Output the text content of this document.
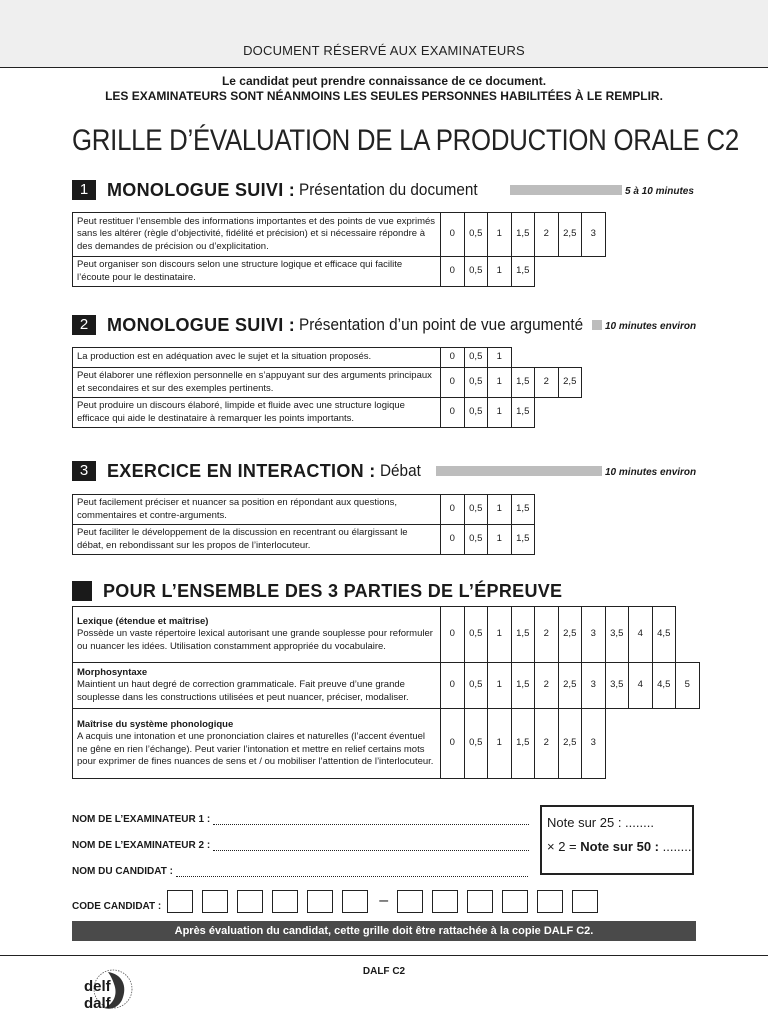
DOCUMENT RÉSERVÉ AUX EXAMINATEURS
Le candidat peut prendre connaissance de ce document.
LES EXAMINATEURS SONT NÉANMOINS LES SEULES PERSONNES HABILITÉES À LE REMPLIR.
GRILLE D’ÉVALUATION DE LA PRODUCTION ORALE C2
1	MONOLOGUE SUIVI : Présentation du document	5 à 10 minutes
Peut restituer l’ensemble des informations importantes et des points de vue exprimés sans les altérer (règle d’objectivité, fidélité et précision) et si nécessaire répondre à des demandes de précision ou d’explicitation.	0	0,5	1	1,5	2	2,5	3				
Peut organiser son discours selon une structure logique et efficace qui facilite l’écoute pour le destinataire.	0	0,5	1	1,5							
2	MONOLOGUE SUIVI : Présentation d’un point de vue argumenté 10 minutes environ
La production est en adéquation avec le sujet et la situation proposés.	0	0,5	1								
Peut élaborer une réflexion personnelle en s’appuyant sur des arguments principaux et secondaires et sur des exemples pertinents.	0	0,5	1	1,5	2	2,5					
Peut produire un discours élaboré, limpide et fluide avec une structure logique efficace qui aide le destinataire à remarquer les points importants.	0	0,5	1	1,5							
3	EXERCICE EN INTERACTION : Débat	10 minutes environ
Peut facilement préciser et nuancer sa position en répondant aux questions, commentaires et contre-arguments.	0	0,5	1	1,5							
Peut faciliter le développement de la discussion en recentrant ou élargissant le débat, en rebondissant sur les propos de l’interlocuteur.	0	0,5	1	1,5							
POUR L’ENSEMBLE DES 3 PARTIES DE L’ÉPREUVE
Lexique (étendue et maîtrise)
Possède un vaste répertoire lexical autorisant une grande souplesse pour reformuler ou nuancer les idées. Utilisation constamment appropriée du vocabulaire.	0	0,5	1	1,5	2	2,5	3	3,5	4	4,5	

Morphosyntaxe
Maintient un haut degré de correction grammaticale. Fait preuve d’une grande souplesse dans les constructions utilisées et peut nuancer, préciser, modaliser.	0	0,5	1	1,5	2	2,5	3	3,5	4	4,5	5

Maîtrise du système phonologique
A acquis une intonation et une prononciation claires et naturelles (l’accent éventuel ne gêne en rien l’échange). Peut varier l’intonation et mettre en relief certains mots pour exprimer de fines nuances de sens et / ou mobiliser l’attention de l’interlocuteur.	0	0,5	1	1,5	2	2,5	3				
NOM DE L’EXAMINATEUR 1 :
NOM DE L’EXAMINATEUR 2 :
NOM DU CANDIDAT :
Note sur 25 : ........
× 2 = Note sur 50 : ........
CODE CANDIDAT :	–
Après évaluation du candidat, cette grille doit être rattachée à la copie DALF C2.
DALF C2
delf
dalf
